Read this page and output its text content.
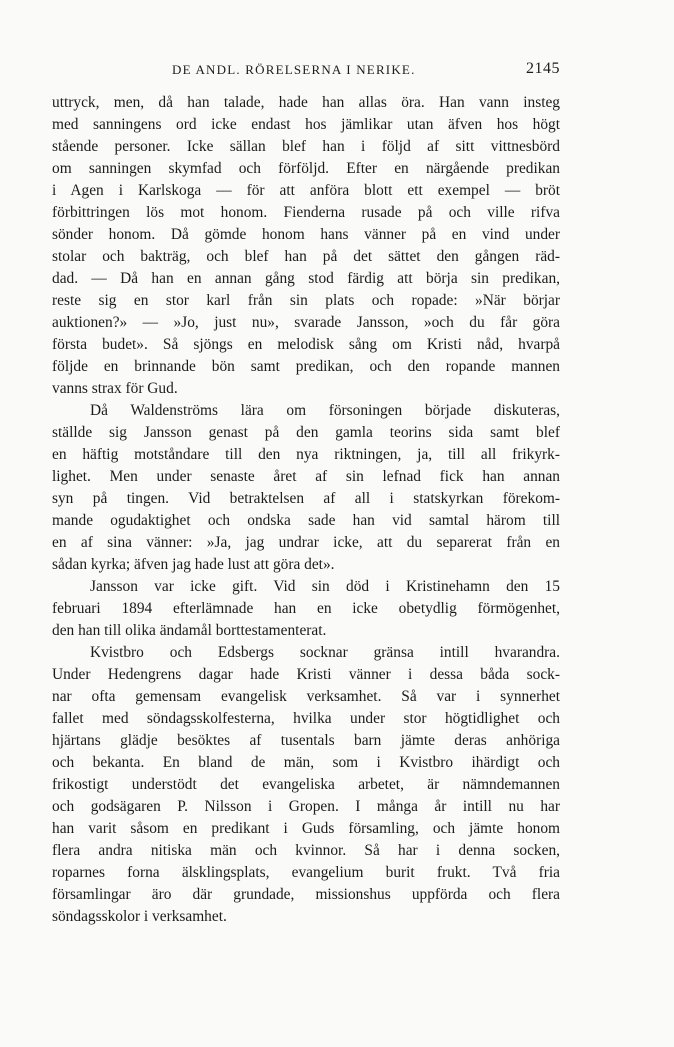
DE ANDL. RÖRELSERNA I NERIKE.	2145
uttryck, men, då han talade, hade han allas öra. Han vann insteg
med sanningens ord icke endast hos jämlikar utan äfven hos högt
stående personer. Icke sällan blef han i följd af sitt vittnesbörd
om sanningen skymfad och förföljd. Efter en närgående predikan
i Agen i Karlskoga — för att anföra blott ett exempel — bröt
förbittringen lös mot honom. Fienderna rusade på och ville rifva
sönder honom. Då gömde honom hans vänner på en vind under
stolar och bakträg, och blef han på det sättet den gången räd-
dad. — Då han en annan gång stod färdig att börja sin predikan,
reste sig en stor karl från sin plats och ropade: »När börjar
auktionen?» — »Jo, just nu», svarade Jansson, »och du får göra
första budet». Så sjöngs en melodisk sång om Kristi nåd, hvarpå
följde en brinnande bön samt predikan, och den ropande mannen
vanns strax för Gud.
Då Waldenströms lära om försoningen började diskuteras,
ställde sig Jansson genast på den gamla teorins sida samt blef
en häftig motståndare till den nya riktningen, ja, till all frikyrk-
lighet. Men under senaste året af sin lefnad fick han annan
syn på tingen. Vid betraktelsen af all i statskyrkan förekom-
mande ogudaktighet och ondska sade han vid samtal härom till
en af sina vänner: »Ja, jag undrar icke, att du separerat från en
sådan kyrka; äfven jag hade lust att göra det».
Jansson var icke gift. Vid sin död i Kristinehamn den 15
februari 1894 efterlämnade han en icke obetydlig förmögenhet,
den han till olika ändamål borttestamenterat.
Kvistbro och Edsbergs socknar gränsa intill hvarandra.
Under Hedengrens dagar hade Kristi vänner i dessa båda sock-
nar ofta gemensam evangelisk verksamhet. Så var i synnerhet
fallet med söndagsskolfesterna, hvilka under stor högtidlighet och
hjärtans glädje besöktes af tusentals barn jämte deras anhöriga
och bekanta. En bland de män, som i Kvistbro ihärdigt och
frikostigt understödt det evangeliska arbetet, är nämndemannen
och godsägaren P. Nilsson i Gropen. I många år intill nu har
han varit såsom en predikant i Guds församling, och jämte honom
flera andra nitiska män och kvinnor. Så har i denna socken,
roparnes forna älsklingsplats, evangelium burit frukt. Två fria
församlingar äro där grundade, missionshus uppförda och flera
söndagsskolor i verksamhet.
